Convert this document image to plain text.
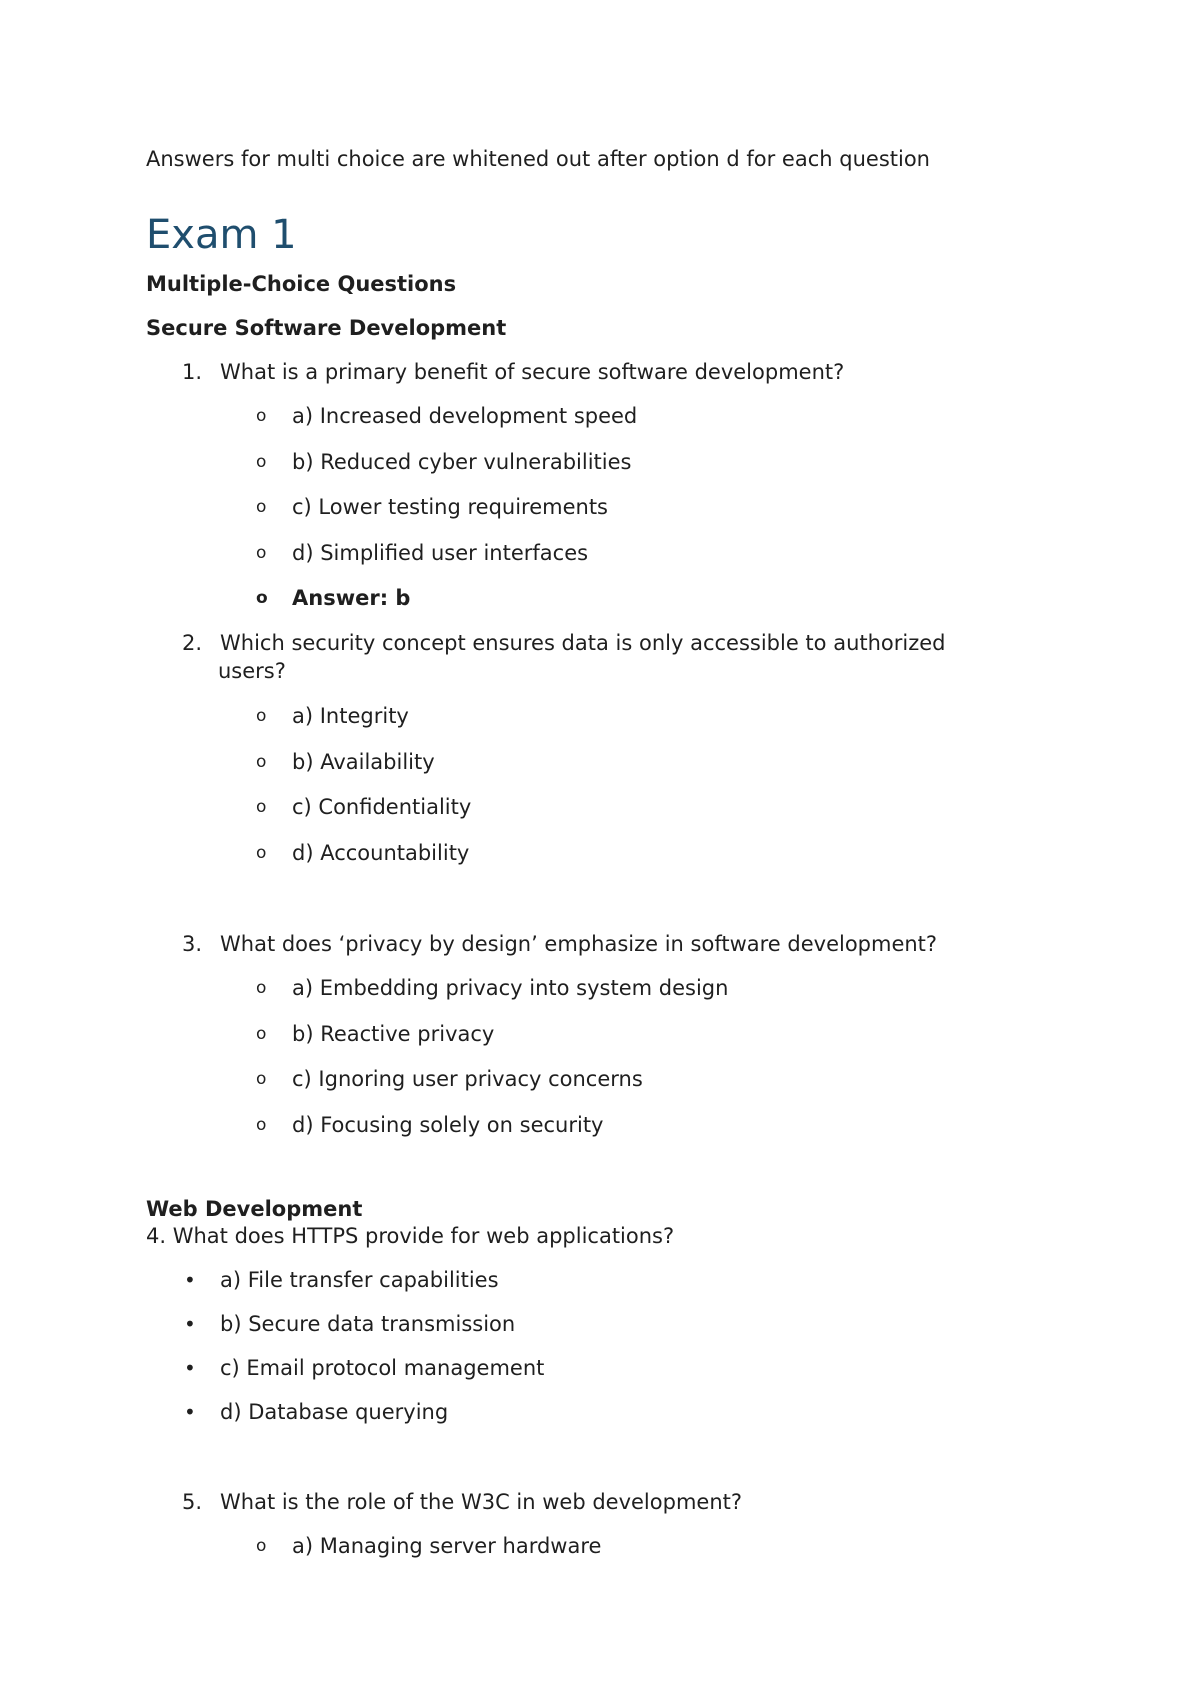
Answers for multi choice are whitened out after option d for each question
Exam 1
Multiple-Choice Questions
Secure Software Development
1. What is a primary benefit of secure software development?
o a) Increased development speed
o b) Reduced cyber vulnerabilities
o c) Lower testing requirements
o d) Simplified user interfaces
o Answer: b
2. Which security concept ensures data is only accessible to authorized
users?
o a) Integrity
o b) Availability
o c) Confidentiality
o d) Accountability
3. What does ‘privacy by design’ emphasize in software development?
o a) Embedding privacy into system design
o b) Reactive privacy
o c) Ignoring user privacy concerns
o d) Focusing solely on security
Web Development
4. What does HTTPS provide for web applications?
• a) File transfer capabilities
• b) Secure data transmission
• c) Email protocol management
• d) Database querying
5. What is the role of the W3C in web development?
o a) Managing server hardware
